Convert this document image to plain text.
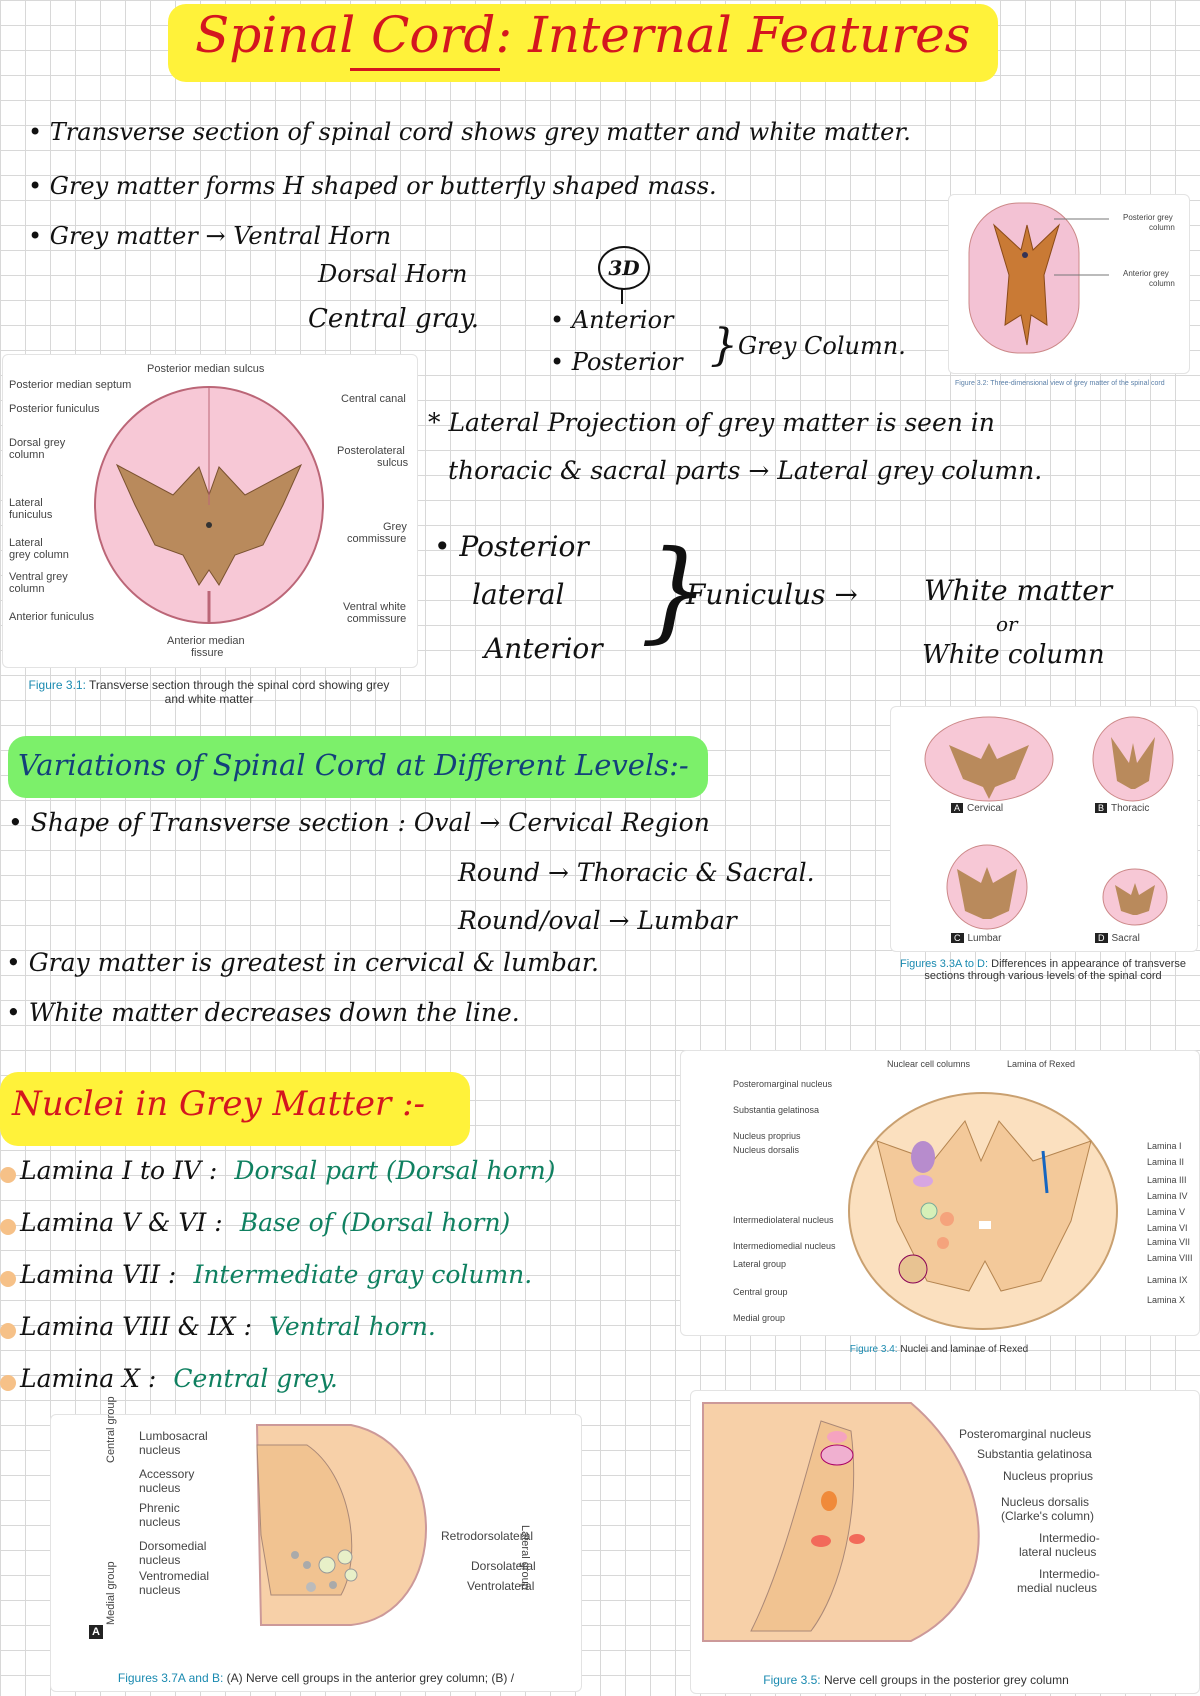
Spinal Cord: Internal Features
• Transverse section of spinal cord shows grey matter and white matter.
• Grey matter forms H shaped or butterfly shaped mass.
• Grey matter → Ventral Horn
Dorsal Horn
Central gray.
3D
• Anterior
• Posterior } Grey Column.
Posterior grey
column
Anterior grey
column
Figure 3.2: Three-dimensional view of grey matter of the spinal cord
Posterior median sulcus
Posterior median septum
Posterior funiculus
Dorsal grey
column
Lateral
funiculus
Lateral
grey column
Ventral grey
column
Anterior funiculus
Anterior median
fissure
Central canal
Posterolateral
sulcus
Grey
commissure
Ventral white
commissure
Figure 3.1: Transverse section through the spinal cord showing grey
and white matter
* Lateral Projection of grey matter is seen in
thoracic & sacral parts → Lateral grey column.
• Posterior
lateral
Anterior }
Funiculus → White matter
or
White column
Variations of Spinal Cord at Different Levels:-
• Shape of Transverse section : Oval → Cervical Region
Round → Thoracic & Sacral.
Round/oval → Lumbar
• Gray matter is greatest in cervical & lumbar.
• White matter decreases down the line.
A Cervical	B Thoracic
C Lumbar	D Sacral
Figures 3.3A to D: Differences in appearance of transverse
sections through various levels of the spinal cord
Nuclei in Grey Matter :-
Lamina I to IV : Dorsal part (Dorsal horn)
Lamina V & VI : Base of (Dorsal horn)
Lamina VII : Intermediate gray column.
Lamina VIII & IX : Ventral horn.
Lamina X : Central grey.
Nuclear cell columns	Lamina of Rexed
Posteromarginal nucleus
Substantia gelatinosa
Nucleus proprius
Nucleus dorsalis
Intermediolateral nucleus
Intermediomedial nucleus
Lateral group
Central group
Medial group
Lamina I
Lamina II
Lamina III
Lamina IV
Lamina V
Lamina VI
Lamina VII
Lamina VIII
Lamina IX
Lamina X
Figure 3.4: Nuclei and laminae of Rexed
Central group
Medial group
Lateral group
Lumbosacral
nucleus
Accessory
nucleus
Phrenic
nucleus
Dorsomedial
nucleus
Ventromedial
nucleus
Retrodorsolateral
Dorsolateral
Ventrolateral
A
Figures 3.7A and B: (A) Nerve cell groups in the anterior grey column; (B) /
Posteromarginal nucleus
Substantia gelatinosa
Nucleus proprius
Nucleus dorsalis
(Clarke's column)
Intermedio-
lateral nucleus
Intermedio-
medial nucleus
Figure 3.5: Nerve cell groups in the posterior grey column
